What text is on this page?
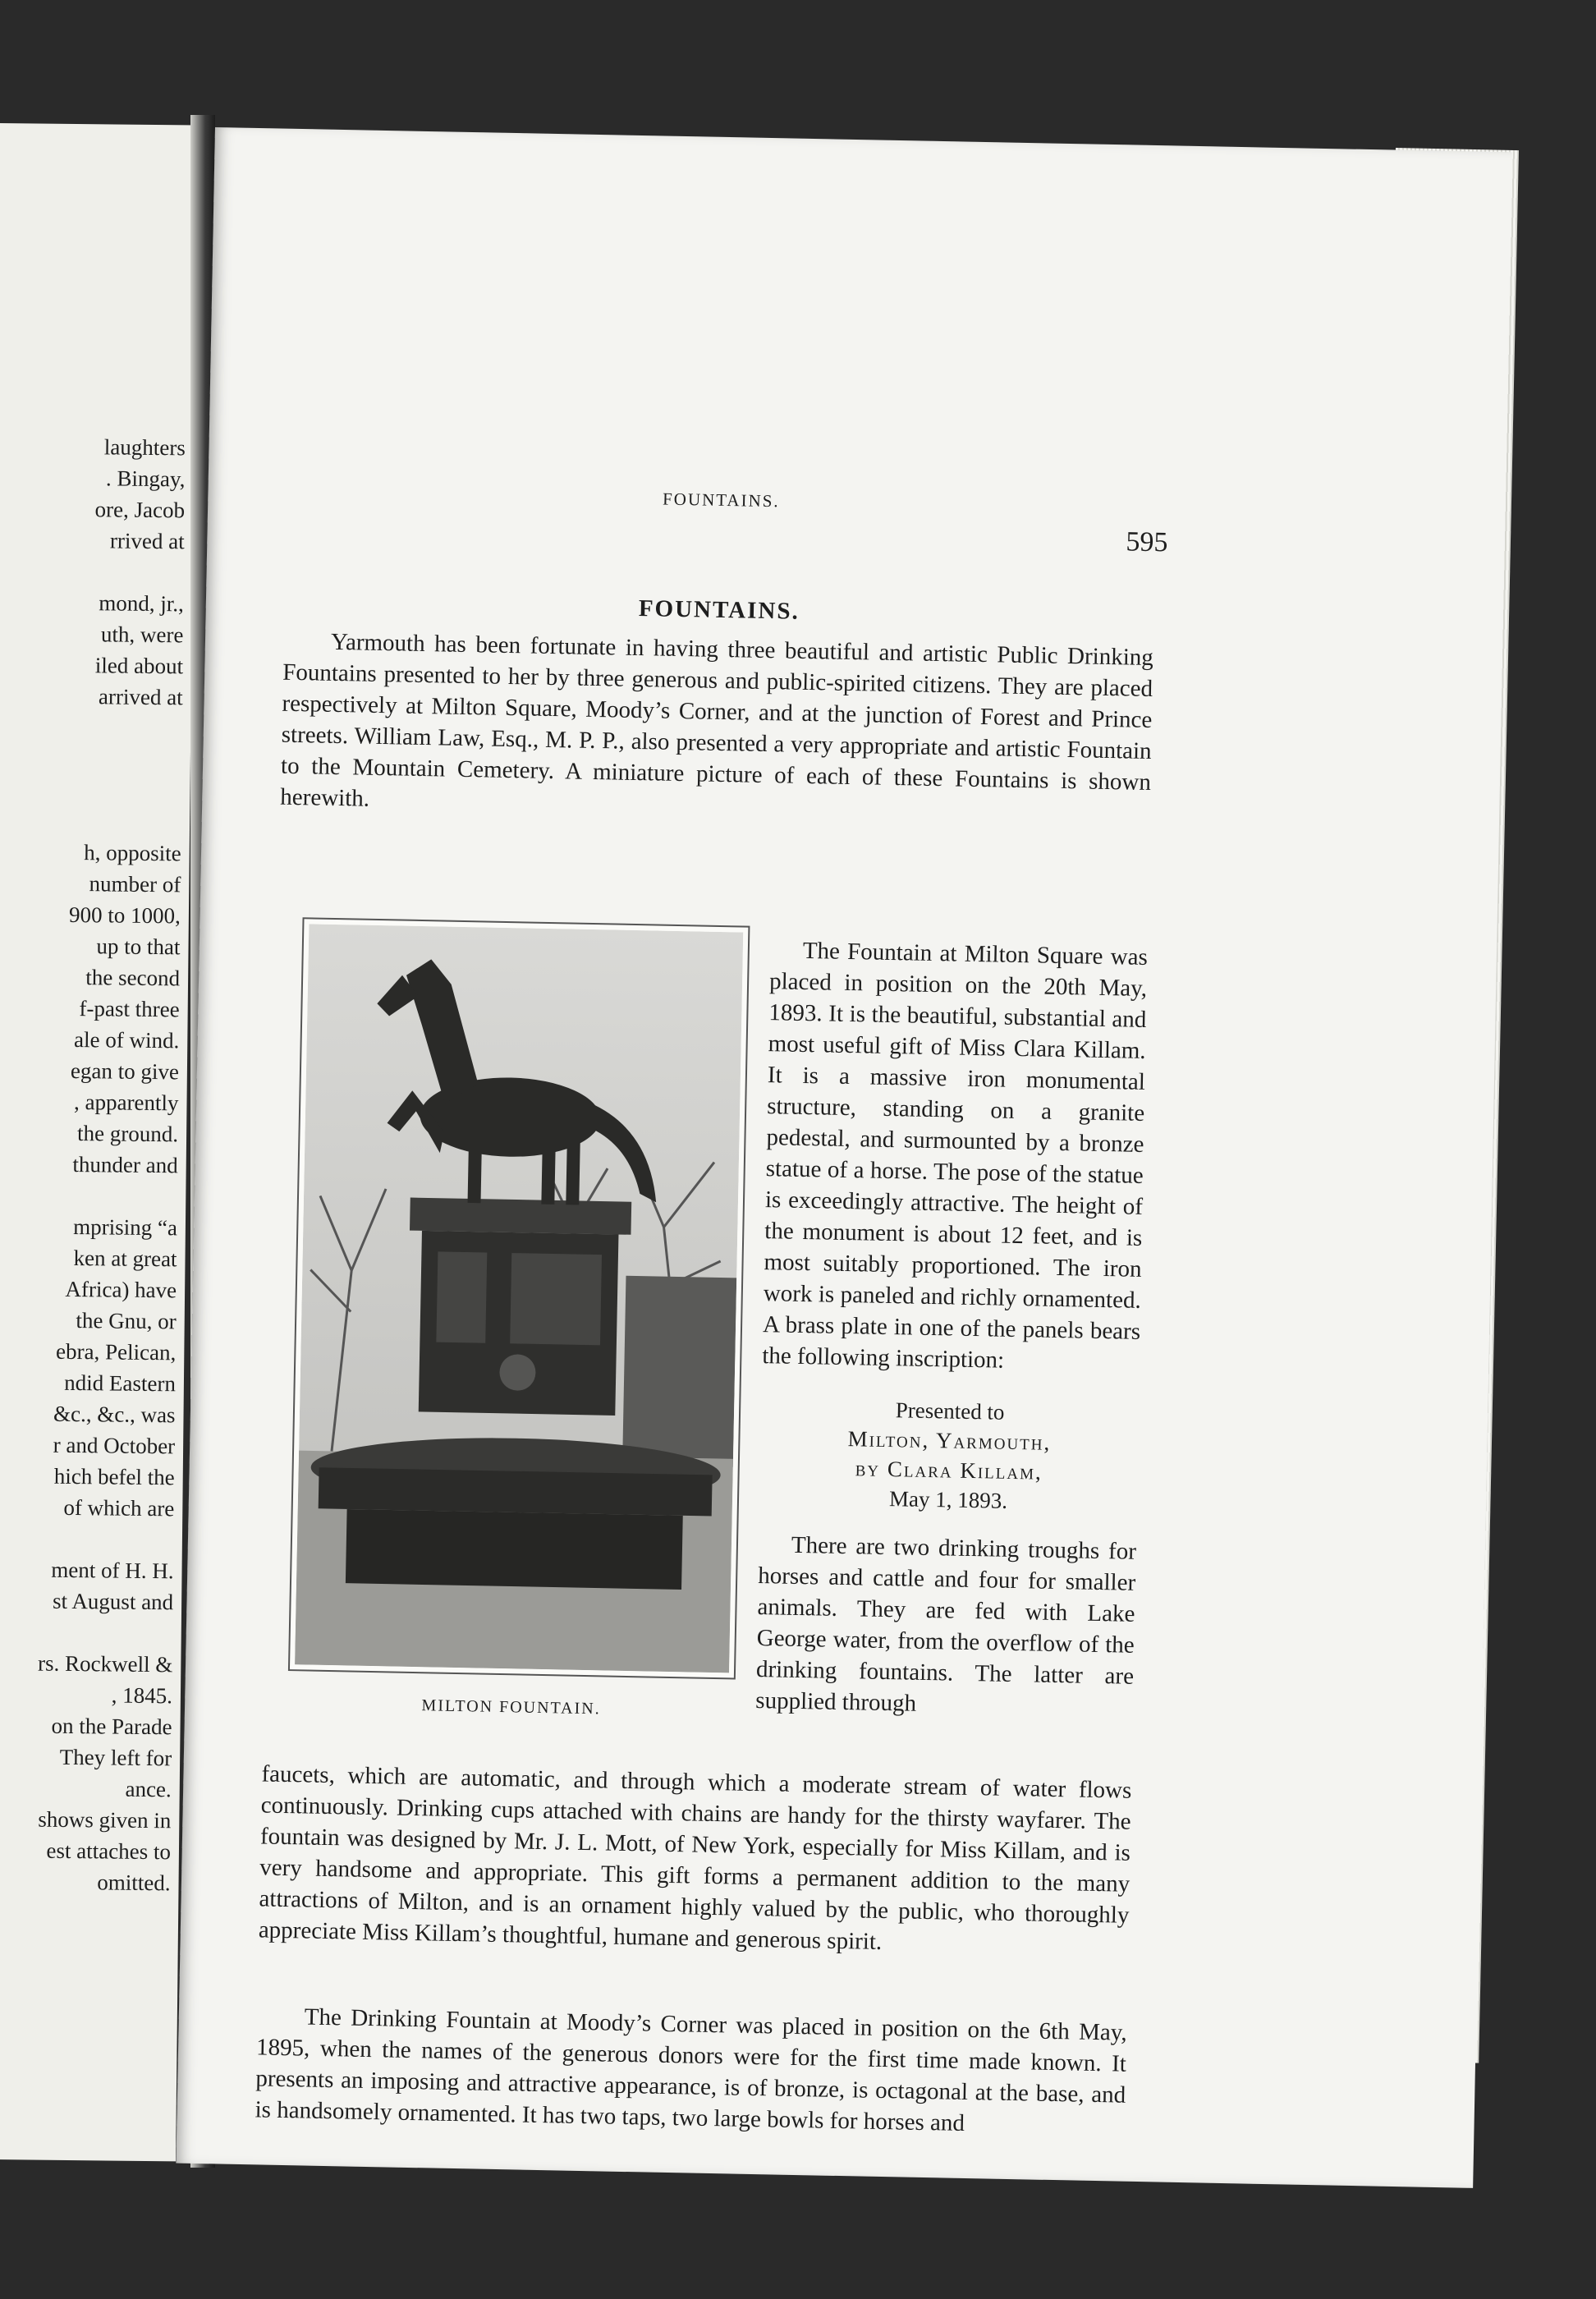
laughters
. Bingay,
ore, Jacob
rrived at
mond, jr.,
uth, were
iled about
arrived at
h, opposite
number of
900 to 1000,
up to that
the second
f-past three
ale of wind.
egan to give
, apparently
the ground.
thunder and
mprising “a
ken at great
Africa) have
the Gnu, or
ebra, Pelican,
ndid Eastern
&c., &c., was
r and October
hich befel the
of which are
ment of H. H.
st August and
rs. Rockwell &
, 1845.
on the Parade
They left for
ance.
shows given in
est attaches to
omitted.
FOUNTAINS.
595
FOUNTAINS.

Yarmouth has been fortunate in having three beautiful and artistic Public Drinking Fountains presented to her by three generous and public-spirited citizens. They are placed respectively at Milton Square, Moody’s Corner, and at the junction of Forest and Prince streets. William Law, Esq., M. P. P., also presented a very appropriate and artistic Fountain to the Mountain Cemetery. A miniature picture of each of these Fountains is shown herewith.

MILTON FOUNTAIN.

The Fountain at Milton Square was placed in position on the 20th May, 1893. It is the beautiful, substantial and most useful gift of Miss Clara Killam. It is a massive iron monumental structure, standing on a granite pedestal, and surmounted by a bronze statue of a horse. The pose of the statue is exceedingly attractive. The height of the monument is about 12 feet, and is most suitably proportioned. The iron work is paneled and richly ornamented. A brass plate in one of the panels bears the following inscription:

Presented to
Milton, Yarmouth,
by Clara Killam,
May 1, 1893.

There are two drinking troughs for horses and cattle and four for smaller animals. They are fed with Lake George water, from the overflow of the drinking fountains. The latter are supplied through

faucets, which are automatic, and through which a moderate stream of water flows continuously. Drinking cups attached with chains are handy for the thirsty wayfarer. The fountain was designed by Mr. J. L. Mott, of New York, especially for Miss Killam, and is very handsome and appropriate. This gift forms a permanent addition to the many attractions of Milton, and is an ornament highly valued by the public, who thoroughly appreciate Miss Killam’s thoughtful, humane and generous spirit.

The Drinking Fountain at Moody’s Corner was placed in position on the 6th May, 1895, when the names of the generous donors were for the first time made known. It presents an imposing and attractive appearance, is of bronze, is octagonal at the base, and is handsomely ornamented. It has two taps, two large bowls for horses and
